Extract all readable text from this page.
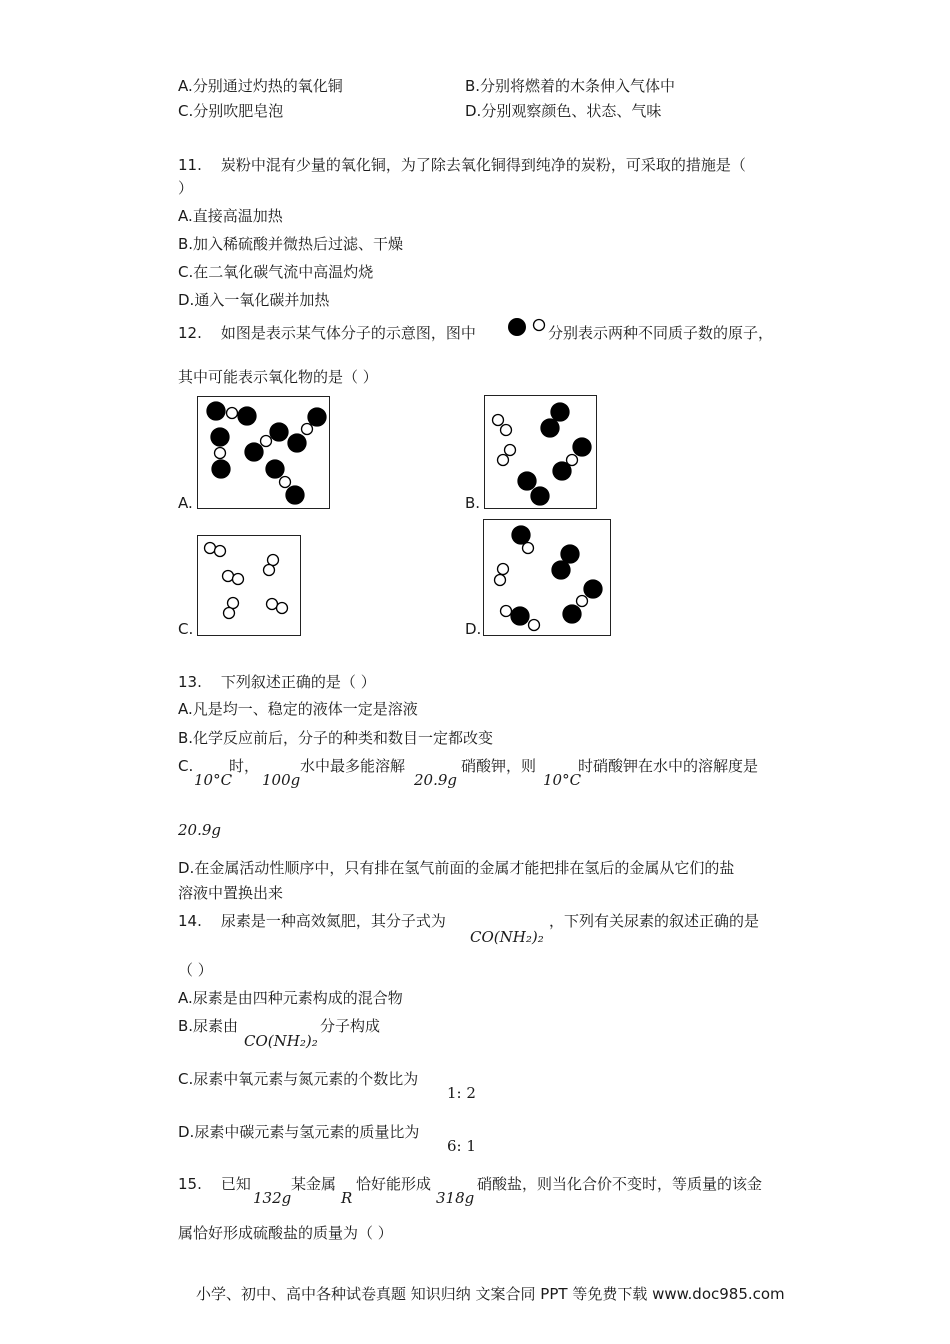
A.分别通过灼热的氧化铜	B.分别将燃着的木条伸入气体中
C.分别吹肥皂泡	D.分别观察颜色、状态、气味
11.    炭粉中混有少量的氧化铜，为了除去氧化铜得到纯净的炭粉，可采取的措施是（
）
A.直接高温加热
B.加入稀硫酸并微热后过滤、干燥
C.在二氧化碳气流中高温灼烧
D.通入一氧化碳并加热
12.    如图是表示某气体分子的示意图，图中	分别表示两种不同质子数的原子，
其中可能表示氧化物的是（ ）
A.	B.
C.	D.
13.    下列叙述正确的是（ ）
A.凡是均一、稳定的液体一定是溶液
B.化学反应前后，分子的种类和数目一定都改变
C.
10°C
时，
100g
水中最多能溶解
20.9g
硝酸钾，则
10°C
时硝酸钾在水中的溶解度是
20.9g
D.在金属活动性顺序中，只有排在氢气前面的金属才能把排在氢后的金属从它们的盐
溶液中置换出来
14.    尿素是一种高效氮肥，其分子式为
CO(NH₂)₂
，下列有关尿素的叙述正确的是
（ ）
A.尿素是由四种元素构成的混合物
B.尿素由
CO(NH₂)₂
分子构成
C.尿素中氧元素与氮元素的个数比为
1: 2
D.尿素中碳元素与氢元素的质量比为
6: 1
15.    已知
132g
某金属
R
恰好能形成
318g
硝酸盐，则当化合价不变时，等质量的该金
属恰好形成硫酸盐的质量为（ ）
小学、初中、高中各种试卷真题 知识归纳 文案合同 PPT 等免费下载 www.doc985.com
